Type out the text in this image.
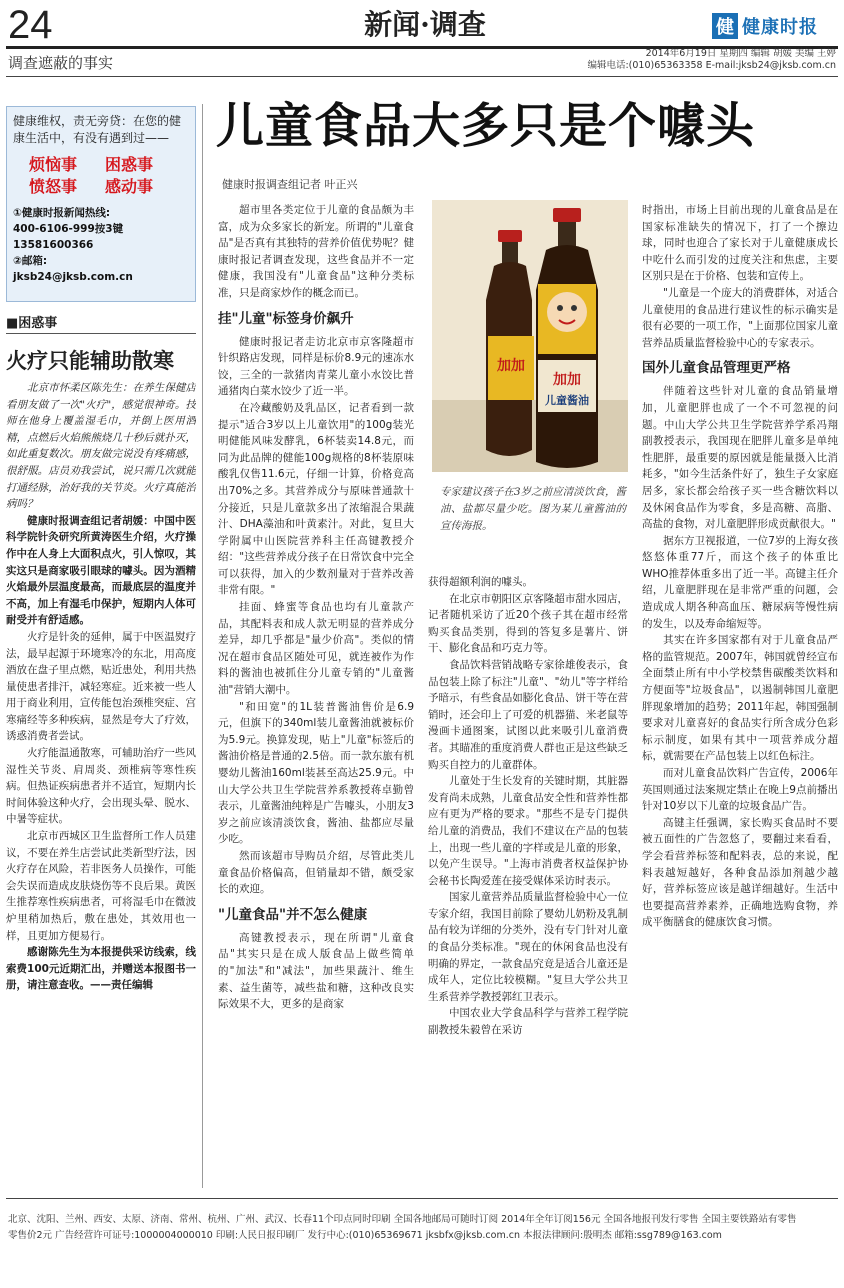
24	新闻·调查	健 健康时报
调查遮蔽的事实
2014年6月19日 星期四 编辑 胡媛 美编 王婷
编辑电话:(010)65363358 E-mail:jksb24@jksb.com.cn
健康维权，责无旁贷：在您的健康生活中，有没有遇到过——
烦恼事	困惑事
愤怒事	感动事
①健康时报新闻热线:
400-6106-999按3键
13581600366
②邮箱:
jksb24@jksb.com.cn
■困惑事
火疗只能辅助散寒

北京市怀柔区陈先生：在养生保健店看朋友做了一次"火疗"，感觉很神奇。技师在他身上覆盖湿毛巾，并倒上医用酒精，点燃后火焰熊熊烧几十秒后就扑灭，如此重复数次。朋友做完说没有疼痛感，很舒服。店员劝我尝试，说只需几次就能打通经脉，治好我的关节炎。火疗真能治病吗？

健康时报调查组记者胡媛：中国中医科学院针灸研究所黄涛医生介绍，火疗操作中在人身上大面积点火，引人惊叹，其实这只是商家吸引眼球的噱头。因为酒精火焰最外层温度最高，而最底层的温度并不高，加上有湿毛巾保护，短期内人体可耐受并有舒适感。

火疗是针灸的延伸，属于中医温熨疗法，最早起源于环境寒冷的东北，用高度酒放在盘子里点燃，贴近患处，利用共热量使患者排汗，减轻寒症。近来被一些人用于商业利用，宣传能包治颈椎突症、宫寒痛经等多种疾病，显然是夸大了疗效，诱惑消费者尝试。

火疗能温通散寒，可辅助治疗一些风湿性关节炎、肩周炎、颈椎病等寒性疾病。但热证疾病患者并不适宜，短期内长时间体验这种火疗，会出现头晕、脱水、中暑等症状。

北京市西城区卫生监督所工作人员建议，不要在养生店尝试此类新型疗法，因火疗存在风险，若非医务人员操作，可能会失误而造成皮肤烧伤等不良后果。黄医生推荐寒性疾病患者，可将湿毛巾在微波炉里稍加热后，敷在患处，其效用也一样，且更加方便易行。

感谢陈先生为本报提供采访线索，线索费100元近期汇出，并赠送本报图书一册，请注意查收。——责任编辑

儿童食品大多只是个噱头
健康时报调查组记者 叶正兴

超市里各类定位于儿童的食品颇为丰富，成为众多家长的新宠。所谓的"儿童食品"是否真有其独特的营养价值优势呢？健康时报记者调查发现，这些食品并不一定健康，我国没有"儿童食品"这种分类标准，只是商家炒作的概念而已。

挂"儿童"标签身价飙升

健康时报记者走访北京市京客隆超市针织路店发现，同样是标价8.9元的速冻水饺，三全的一款猪肉青菜儿童小水饺比普通猪肉白菜水饺少了近一半。

在冷藏酸奶及乳品区，记者看到一款提示"适合3岁以上儿童饮用"的100g装光明健能风味发酵乳，6杯装卖14.8元，而同为此品牌的健能100g规格的8杯装原味酸乳仅售11.6元，仔细一计算，价格竟高出70%之多。其营养成分与原味普通款十分接近，只是儿童款多出了浓缩混合果蔬汁、DHA藻油和叶黄素汁。对此，复旦大学附属中山医院营养科主任高键教授介绍："这些营养成分孩子在日常饮食中完全可以获得，加入的少数剂量对于营养改善非常有限。"

挂面、蜂蜜等食品也均有儿童款产品，其配料表和成人款无明显的营养成分差异，却几乎都是"量少价高"。类似的情况在超市食品区随处可见，就连被作为作料的酱油也被抓住分儿童专销的"儿童酱油"营销大潮中。

"和田宽"的1L装普酱油售价是6.9元，但旗下的340ml装儿童酱油就被标价为5.9元。换算发现，贴上"儿童"标签后的酱油价格是普通的2.5倍。而一款东旅有机婴幼儿酱油160ml装甚至高达25.9元。中山大学公共卫生学院营养系教授蒋卓勤曾表示，儿童酱油纯粹是广告噱头，小朋友3岁之前应该清淡饮食，酱油、盐都应尽量少吃。

然而该超市导购员介绍，尽管此类儿童食品价格偏高，但销量却不错，颇受家长的欢迎。

"儿童食品"并不怎么健康

高键教授表示，现在所谓"儿童食品"其实只是在成人版食品上做些简单的"加法"和"减法"，加些果蔬汁、维生素、益生菌等，减些盐和糖，这种改良实际效果不大，更多的是商家

加加
加加
儿童酱油

专家建议孩子在3岁之前应清淡饮食，酱油、盐都尽量少吃。图为某儿童酱油的宣传海报。

获得超额利润的噱头。

在北京市朝阳区京客隆超市甜水园店，记者随机采访了近20个孩子其在超市经常购买食品类别，得到的答复多是薯片、饼干、膨化食品和巧克力等。

食品饮料营销战略专家徐雄俊表示，食品包装上除了标注"儿童"、"幼儿"等字样给予暗示，有些食品如膨化食品、饼干等在营销时，还会印上了可爱的机器猫、米老鼠等漫画卡通图案，试图以此来吸引儿童消费者。其瞄准的重度消费人群也正是这些缺乏购买自控力的儿童群体。

儿童处于生长发育的关键时期，其脏器发育尚未成熟，儿童食品安全性和营养性都应有更为严格的要求。"那些不是专门提供给儿童的消费品，我们不建议在产品的包装上，出现一些儿童的字样或是儿童的形象，以免产生误导。"上海市消费者权益保护协会秘书长陶爱莲在接受媒体采访时表示。

国家儿童营养品质量监督检验中心一位专家介绍，我国目前除了婴幼儿奶粉及乳制品有较为详细的分类外，没有专门针对儿童的食品分类标准。"现在的休闲食品也没有明确的界定，一款食品究竟是适合儿童还是成年人，定位比较模糊。"复旦大学公共卫生系营养学教授郭红卫表示。

中国农业大学食品科学与营养工程学院副教授朱毅曾在采访

时指出，市场上目前出现的儿童食品是在国家标准缺失的情况下，打了一个擦边球，同时也迎合了家长对于儿童健康成长中吃什么而引发的过度关注和焦虑，主要区别只是在于价格、包装和宣传上。

"儿童是一个庞大的消费群体，对适合儿童使用的食品进行建议性的标示确实是很有必要的一项工作，"上面那位国家儿童营养品质量监督检验中心的专家表示。

国外儿童食品管理更严格

伴随着这些针对儿童的食品销量增加，儿童肥胖也成了一个不可忽视的问题。中山大学公共卫生学院营养学系冯翔副教授表示，我国现在肥胖儿童多是单纯性肥胖，最重要的原因就是能量摄入比消耗多，"如今生活条件好了，独生子女家庭居多，家长都会给孩子买一些含糖饮料以及休闲食品作为零食，多是高糖、高脂、高盐的食物，对儿童肥胖形成贡献很大。"

据东方卫视报道，一位7岁的上海女孩悠悠体重77斤，而这个孩子的体重比WHO推荐体重多出了近一半。高键主任介绍，儿童肥胖现在是非常严重的问题，会造成成人期各种高血压、糖尿病等慢性病的发生，以及寿命缩短等。

其实在许多国家都有对于儿童食品严格的监管规范。2007年，韩国就曾经宣布全面禁止所有中小学校禁售碳酸类饮料和方便面等"垃圾食品"，以遏制韩国儿童肥胖现象增加的趋势；2011年起，韩国强制要求对儿童喜好的食品实行所含成分色彩标示制度，如果有其中一项营养成分超标，就需要在产品包装上以红色标注。

而对儿童食品饮料广告宣传，2006年英国则通过法案规定禁止在晚上9点前播出针对10岁以下儿童的垃圾食品广告。

高键主任强调，家长购买食品时不要被五面性的广告忽悠了，要翻过来看看，学会看营养标签和配料表，总的来说，配料表越短越好，各种食品添加剂越少越好，营养标签应该是越详细越好。生活中也要提高营养素养，正确地选购食物，养成平衡膳食的健康饮食习惯。

北京、沈阳、兰州、西安、太原、济南、常州、杭州、广州、武汉、长春11个印点同时印刷 全国各地邮局可随时订阅 2014年全年订阅156元 全国各地报刊发行零售 全国主要铁路站有零售
零售价2元 广告经营许可证号:1000004000010 印刷:人民日报印刷厂 发行中心:(010)65369671 jksbfx@jksb.com.cn 本报法律顾问:殷明杰 邮箱:ssg789@163.com
